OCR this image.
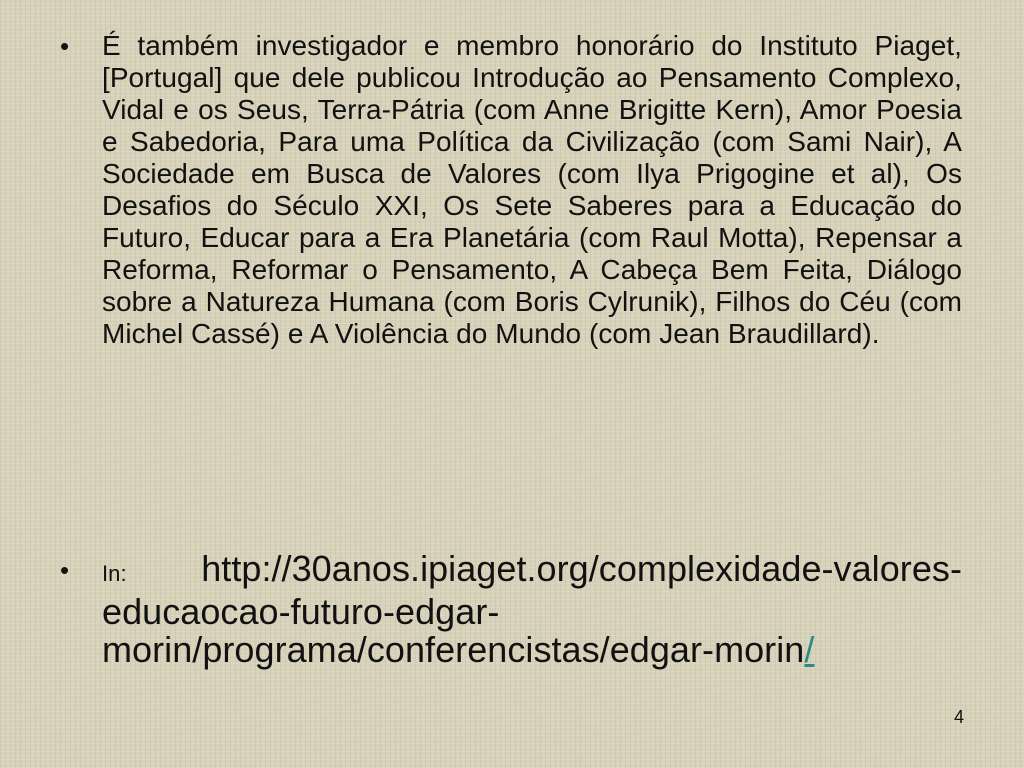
• É também investigador e membro honorário do Instituto Piaget, [Portugal] que dele publicou Introdução ao Pensamento Complexo, Vidal e os Seus, Terra-Pátria (com Anne Brigitte Kern), Amor Poesia e Sabedoria, Para uma Política da Civilização (com Sami Nair), A Sociedade em Busca de Valores (com Ilya Prigogine et al), Os Desafios do Século XXI, Os Sete Saberes para a Educação do Futuro, Educar para a Era Planetária (com Raul Motta), Repensar a Reforma, Reformar o Pensamento, A Cabeça Bem Feita, Diálogo sobre a Natureza Humana (com Boris Cylrunik), Filhos do Céu (com Michel Cassé) e A Violência do Mundo (com Jean Braudillard).
• In: http://30anos.ipiaget.org/complexidade-valores-educaocao-futuro-edgar-morin/programa/conferencistas/edgar-morin/
4
